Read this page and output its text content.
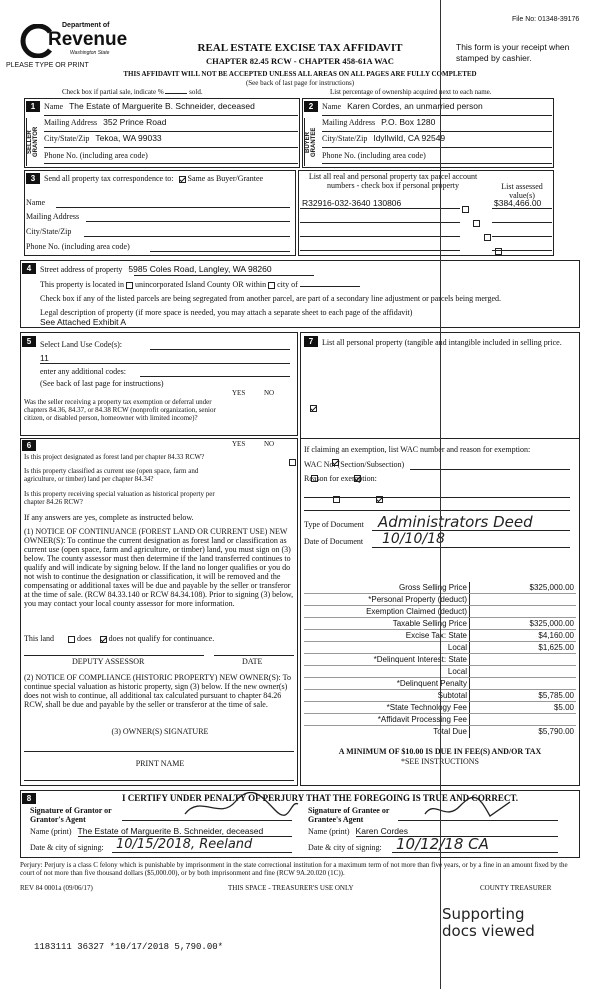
File No: 01348-39176
Department of
Revenue
Washington State
PLEASE TYPE OR PRINT
REAL ESTATE EXCISE TAX AFFIDAVIT
CHAPTER 82.45 RCW - CHAPTER 458-61A WAC
This form is your receipt when stamped by cashier.
THIS AFFIDAVIT WILL NOT BE ACCEPTED UNLESS ALL AREAS ON ALL PAGES ARE FULLY COMPLETED
(See back of last page for instructions)
Check box if partial sale, indicate %	sold.	List percentage of ownership acquired next to each name.
1
SELLER GRANTOR
Name The Estate of Marguerite B. Schneider, deceased
Mailing Address 352 Prince Road
City/State/Zip Tekoa, WA 99033
Phone No. (including area code)
2
BUYER GRANTEE
Name Karen Cordes, an unmarried person
Mailing Address P.O. Box 1280
City/State/Zip Idyllwild, CA 92549
Phone No. (including area code)
3	Send all property tax correspondence to: Same as Buyer/Grantee
Name
Mailing Address
City/State/Zip
Phone No. (including area code)
List all real and personal property tax parcel account numbers - check box if personal property	List assessed value(s)
R32916-032-3640 130806	$384,466.00

4	Street address of property 5985 Coles Road, Langley, WA 98260
This property is located in unincorporated Island County OR within city of
Check box if any of the listed parcels are being segregated from another parcel, are part of a secondary line adjustment or parcels being merged.
Legal description of property (if more space is needed, you may attach a separate sheet to each page of the affidavit)
See Attached Exhibit A
5	Select Land Use Code(s):
11
enter any additional codes:
(See back of last page for instructions)
YES	NO
Was the seller receiving a property tax exemption or deferral under chapters 84.36, 84.37, or 84.38 RCW (nonprofit organization, senior citizen, or disabled person, homeowner with limited income)?

6	YES	NO
Is this project designated as forest land per chapter 84.33 RCW?

Is this property classified as current use (open space, farm and agriculture, or timber) land per chapter 84.34?

Is this property receiving special valuation as historical property per chapter 84.26 RCW?

If any answers are yes, complete as instructed below.
(1) NOTICE OF CONTINUANCE (FOREST LAND OR CURRENT USE) NEW OWNER(S): To continue the current designation as forest land or classification as current use (open space, farm and agriculture, or timber) land, you must sign on (3) below. The county assessor must then determine if the land transferred continues to qualify and will indicate by signing below. If the land no longer qualifies or you do not wish to continue the designation or classification, it will be removed and the compensating or additional taxes will be due and payable by the seller or transferor at the time of sale. (RCW 84.33.140 or RCW 84.34.108). Prior to signing (3) below, you may contact your local county assessor for more information.
This land	does does not qualify for continuance.
DEPUTY ASSESSOR	DATE
(2) NOTICE OF COMPLIANCE (HISTORIC PROPERTY) NEW OWNER(S): To continue special valuation as historic property, sign (3) below. If the new owner(s) does not wish to continue, all additional tax calculated pursuant to chapter 84.26 RCW, shall be due and payable by the seller or transferor at the time of sale.
(3) OWNER(S) SIGNATURE
PRINT NAME
7	List all personal property (tangible and intangible included in selling price.
If claiming an exemption, list WAC number and reason for exemption:
WAC No. (Section/Subsection)
Reason for exemption:
Type of Document Administrators Deed
Date of Document 10/10/18
Gross Selling Price	$325,000.00
*Personal Property (deduct)
Exemption Claimed (deduct)
Taxable Selling Price	$325,000.00
Excise Tax: State	$4,160.00
Local	$1,625.00
*Delinquent Interest: State
Local
*Delinquent Penalty
Subtotal	$5,785.00
*State Technology Fee	$5.00
*Affidavit Processing Fee
Total Due	$5,790.00
A MINIMUM OF $10.00 IS DUE IN FEE(S) AND/OR TAX
*SEE INSTRUCTIONS
8	I CERTIFY UNDER PENALTY OF PERJURY THAT THE FOREGOING IS TRUE AND CORRECT.
Signature of Grantor or Grantor's Agent
Signature of Grantee or Grantee's Agent
Name (print) The Estate of Marguerite B. Schneider, deceased	Name (print) Karen Cordes
Date & city of signing: 10/15/2018, Reeland	Date & city of signing: 10/12/18 CA
Perjury: Perjury is a class C felony which is punishable by imprisonment in the state correctional institution for a maximum term of not more than five years, or by a fine in an amount fixed by the court of not more than five thousand dollars ($5,000.00), or by both imprisonment and fine (RCW 9A.20.020 (1C)).
REV 84 0001a (09/06/17)	THIS SPACE - TREASURER'S USE ONLY	COUNTY TREASURER
Supporting
docs viewed
1183111 36327 *10/17/2018 5,790.00*
